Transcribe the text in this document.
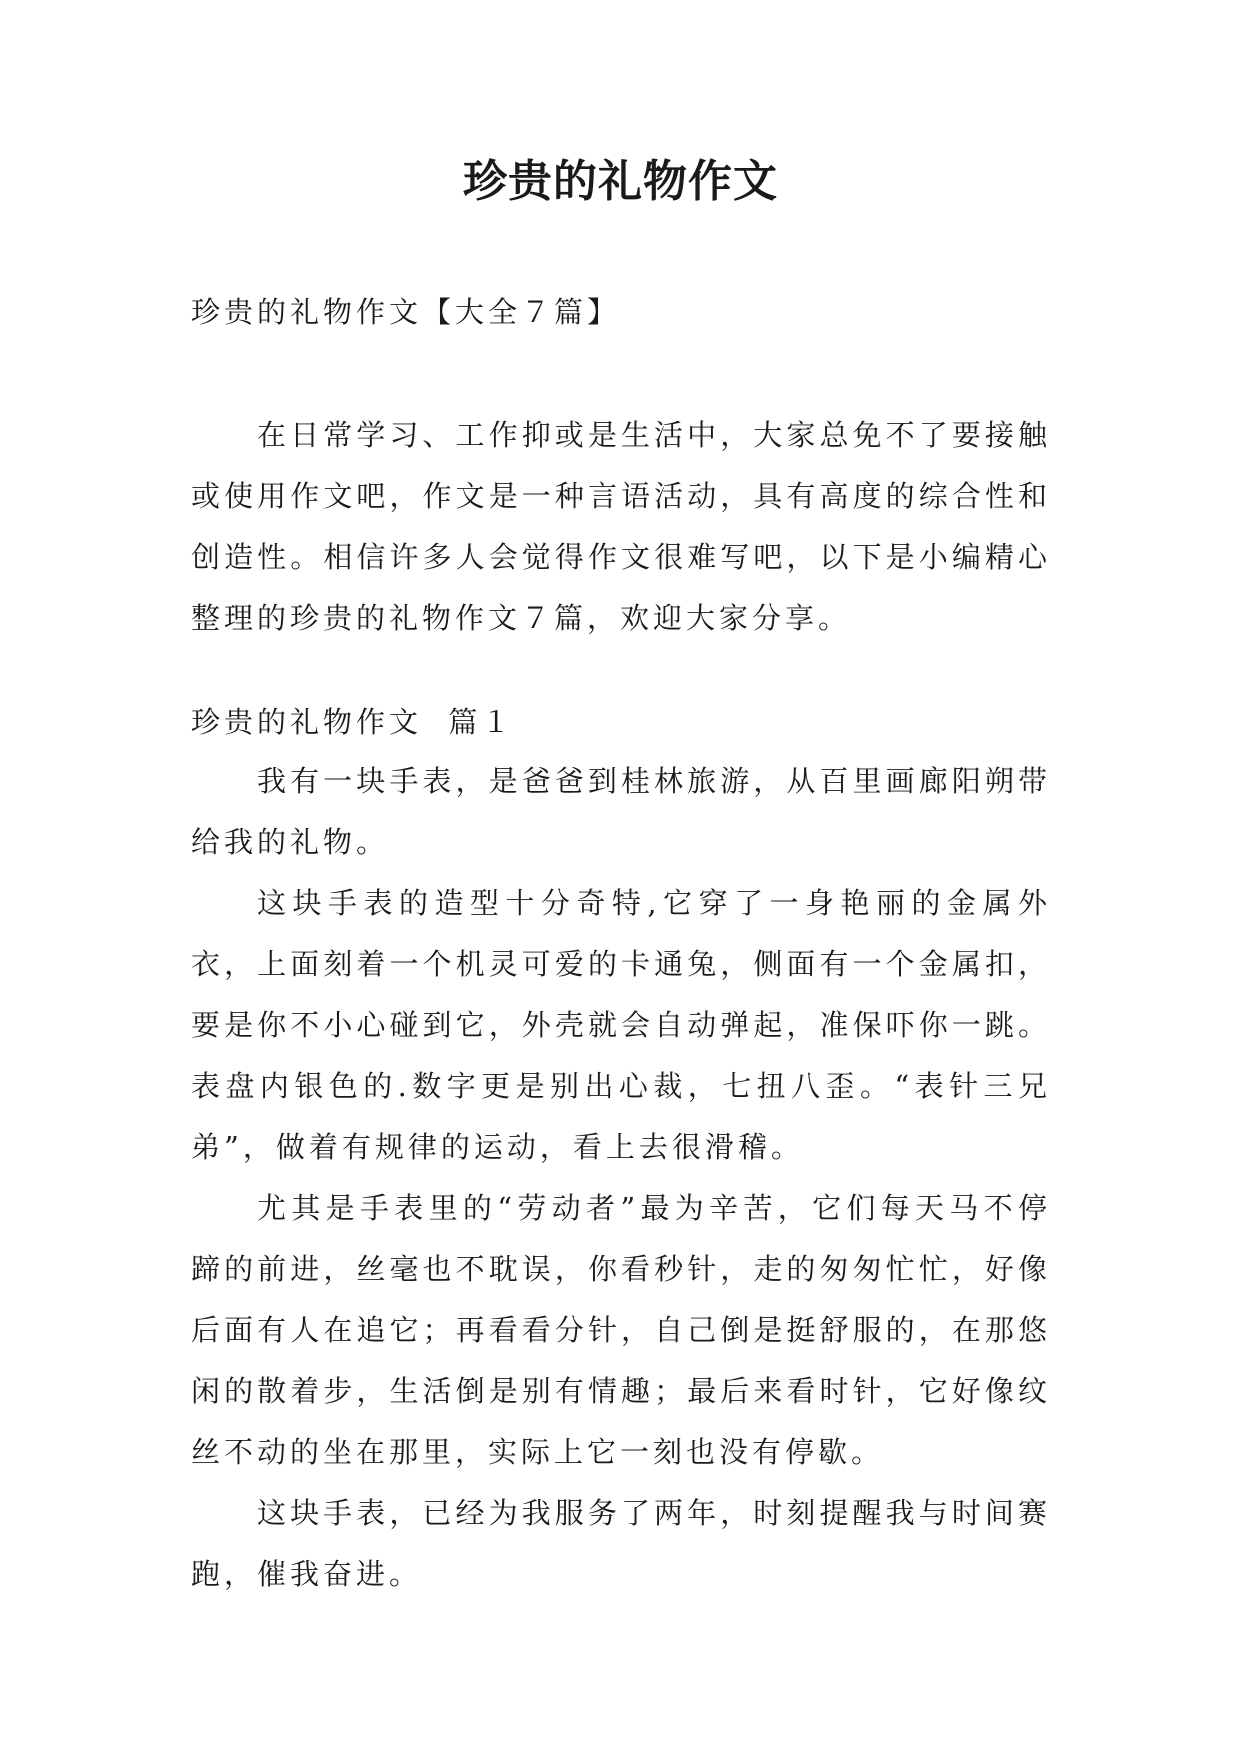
珍贵的礼物作文

珍贵的礼物作文【大全７篇】

在日常学习、工作抑或是生活中，大家总免不了要接触或使用作文吧，作文是一种言语活动，具有高度的综合性和创造性。相信许多人会觉得作文很难写吧，以下是小编精心整理的珍贵的礼物作文７篇，欢迎大家分享。

珍贵的礼物作文  篇１

我有一块手表，是爸爸到桂林旅游，从百里画廊阳朔带给我的礼物。

这块手表的造型十分奇特,它穿了一身艳丽的金属外衣，上面刻着一个机灵可爱的卡通兔，侧面有一个金属扣，要是你不小心碰到它，外壳就会自动弹起，准保吓你一跳。表盘内银色的.数字更是别出心裁，七扭八歪。“表针三兄弟”，做着有规律的运动，看上去很滑稽。

尤其是手表里的“劳动者”最为辛苦，它们每天马不停蹄的前进，丝毫也不耽误，你看秒针，走的匆匆忙忙，好像后面有人在追它；再看看分针，自己倒是挺舒服的，在那悠闲的散着步，生活倒是别有情趣；最后来看时针，它好像纹丝不动的坐在那里，实际上它一刻也没有停歇。

这块手表，已经为我服务了两年，时刻提醒我与时间赛跑，催我奋进。
